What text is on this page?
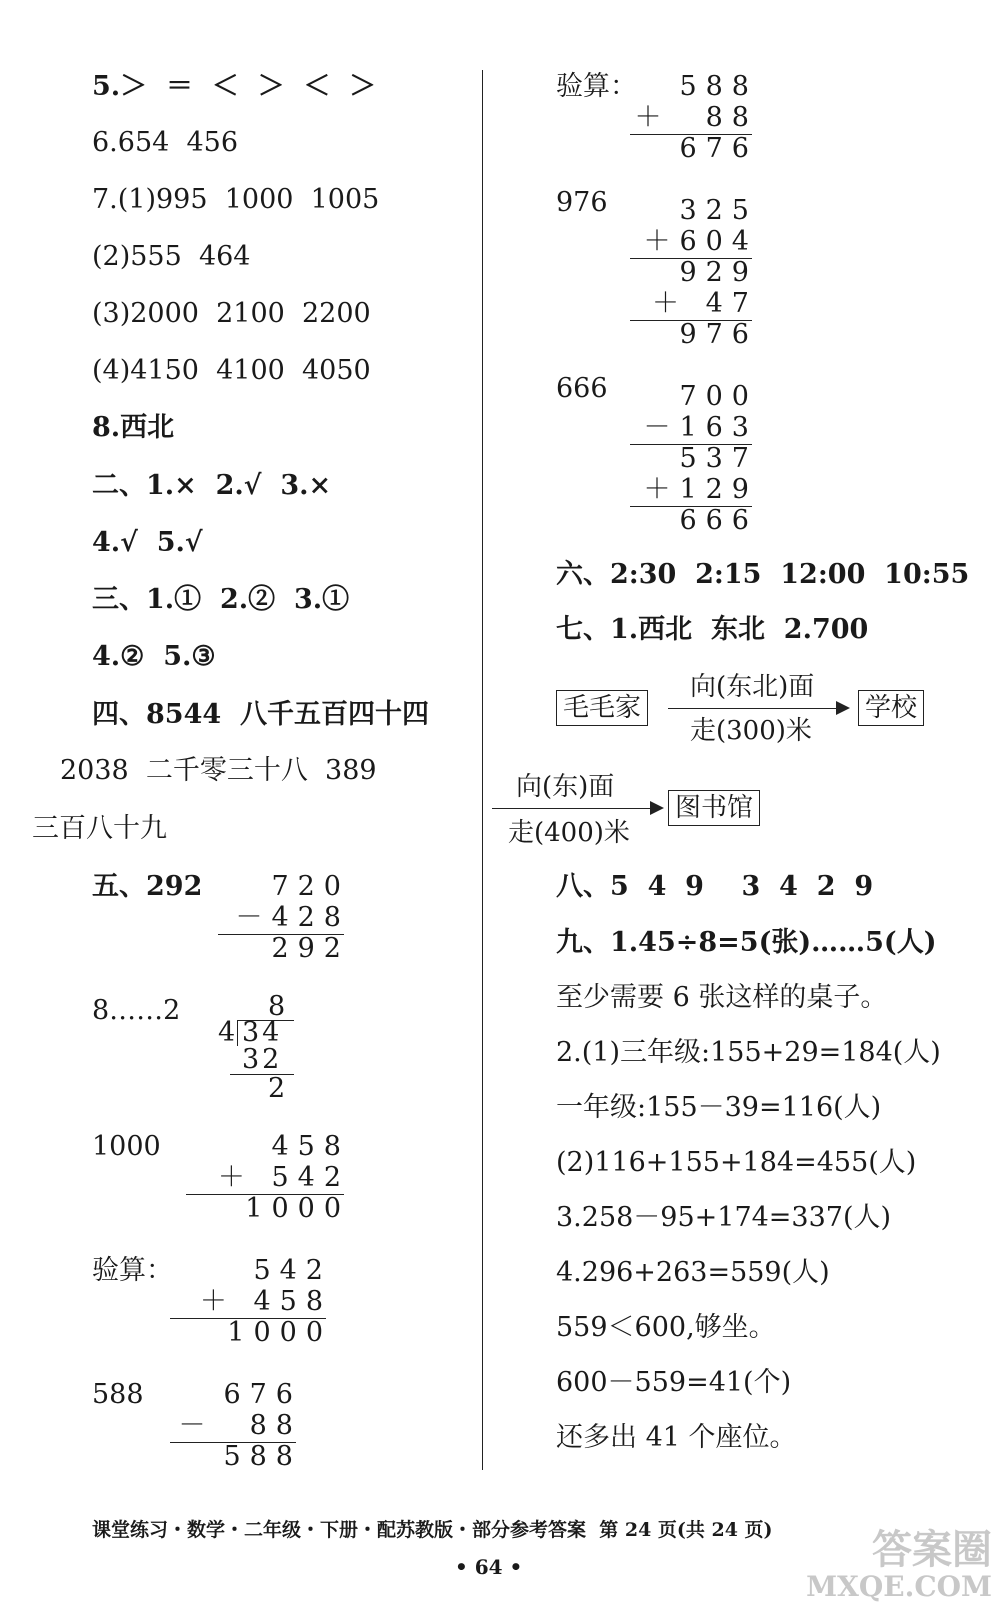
5.＞  ＝  ＜  ＞  ＜  ＞
6.654  456
7.(1)995  1000  1005
(2)555  464
(3)2000  2100  2200
(4)4150  4100  4050
8.西北
二、1.×  2.√  3.×
4.√  5.√
三、1.①  2.②  3.①
4.②  5.③
四、8544  八千五百四十四
2038  二千零三十八  389
三百八十九
五、292	720
－428
292
8……2	8
4 34
32
2
1000	458
＋ 542
1000
验算：	542
＋ 458
1000
588	676
－  88
588
验算：	588
＋  88
676
976	325
＋604
929
＋ 47
976
666	700
－163
537
＋129
666
六、2:30  2:15  12:00  10:55
七、1.西北  东北  2.700
毛毛家
向(东北)面
走(300)米
学校
向(东)面
走(400)米
图书馆
八、5  4  9    3  4  2  9
九、1.45÷8=5(张)……5(人)
至少需要 6 张这样的桌子。
2.(1)三年级:155+29=184(人)
一年级:155－39=116(人)
(2)116+155+184=455(人)
3.258－95+174=337(人)
4.296+263=559(人)
559＜600,够坐。
600－559=41(个)
还多出 41 个座位。
课堂练习・数学・二年级・下册・配苏教版・部分参考答案  第 24 页(共 24 页)
• 64 •	答案圈
MXQE.COM
